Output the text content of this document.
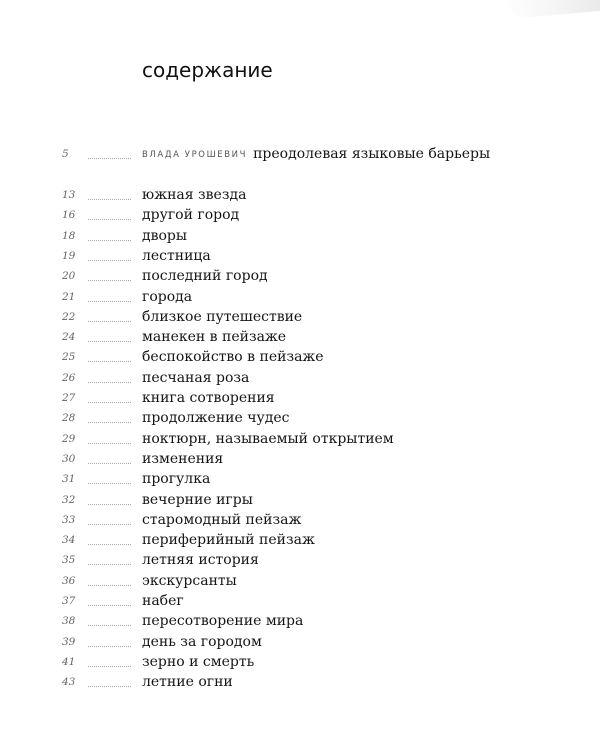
содержание
5	ВЛАДА УРОШЕВИЧ преодолевая языковые барьеры
13	южная звезда
16	другой город
18	дворы
19	лестница
20	последний город
21	города
22	близкое путешествие
24	манекен в пейзаже
25	беспокойство в пейзаже
26	песчаная роза
27	книга сотворения
28	продолжение чудес
29	ноктюрн, называемый открытием
30	изменения
31	прогулка
32	вечерние игры
33	старомодный пейзаж
34	периферийный пейзаж
35	летняя история
36	экскурсанты
37	набег
38	пересотворение мира
39	день за городом
41	зерно и смерть
43	летние огни
